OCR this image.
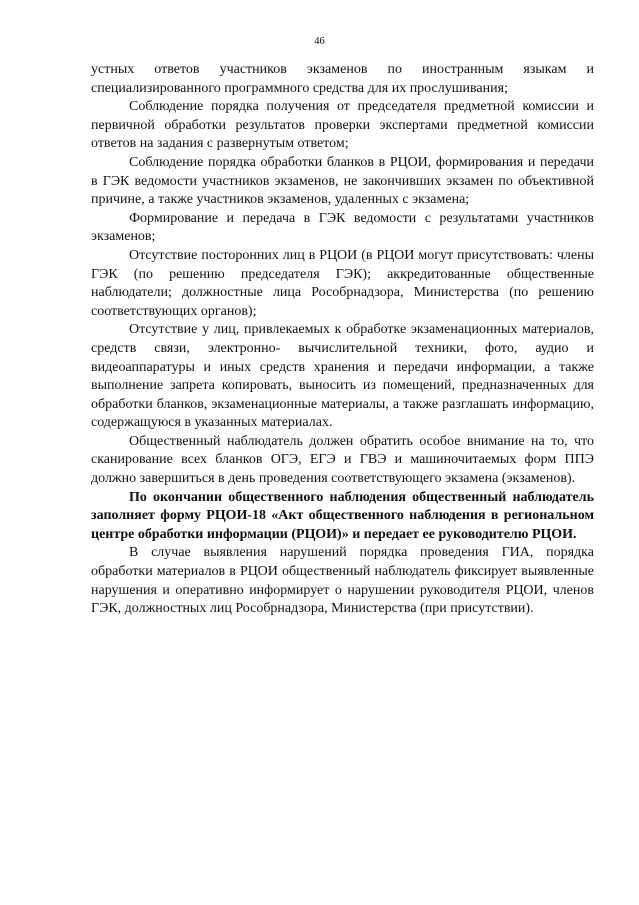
46

устных ответов участников экзаменов по иностранным языкам и специализированного программного средства для их прослушивания;

Соблюдение порядка получения от председателя предметной комиссии и первичной обработки результатов проверки экспертами предметной комиссии ответов на задания с развернутым ответом;

Соблюдение порядка обработки бланков в РЦОИ, формирования и передачи в ГЭК ведомости участников экзаменов, не закончивших экзамен по объективной причине, а также участников экзаменов, удаленных с экзамена;

Формирование и передача в ГЭК ведомости с результатами участников экзаменов;

Отсутствие посторонних лиц в РЦОИ (в РЦОИ могут присутствовать: члены ГЭК (по решению председателя ГЭК); аккредитованные общественные наблюдатели; должностные лица Рособрнадзора, Министерства (по решению соответствующих органов);

Отсутствие у лиц, привлекаемых к обработке экзаменационных материалов, средств связи, электронно- вычислительной техники, фото, аудио и видеоаппаратуры и иных средств хранения и передачи информации, а также выполнение запрета копировать, выносить из помещений, предназначенных для обработки бланков, экзаменационные материалы, а также разглашать информацию, содержащуюся в указанных материалах.

Общественный наблюдатель должен обратить особое внимание на то, что сканирование всех бланков ОГЭ, ЕГЭ и ГВЭ и машиночитаемых форм ППЭ должно завершиться в день проведения соответствующего экзамена (экзаменов).

По окончании общественного наблюдения общественный наблюдатель заполняет форму РЦОИ-18 «Акт общественного наблюдения в региональном центре обработки информации (РЦОИ)» и передает ее руководителю РЦОИ.

В случае выявления нарушений порядка проведения ГИА, порядка обработки материалов в РЦОИ общественный наблюдатель фиксирует выявленные нарушения и оперативно информирует о нарушении руководителя РЦОИ, членов ГЭК, должностных лиц Рособрнадзора, Министерства (при присутствии).
